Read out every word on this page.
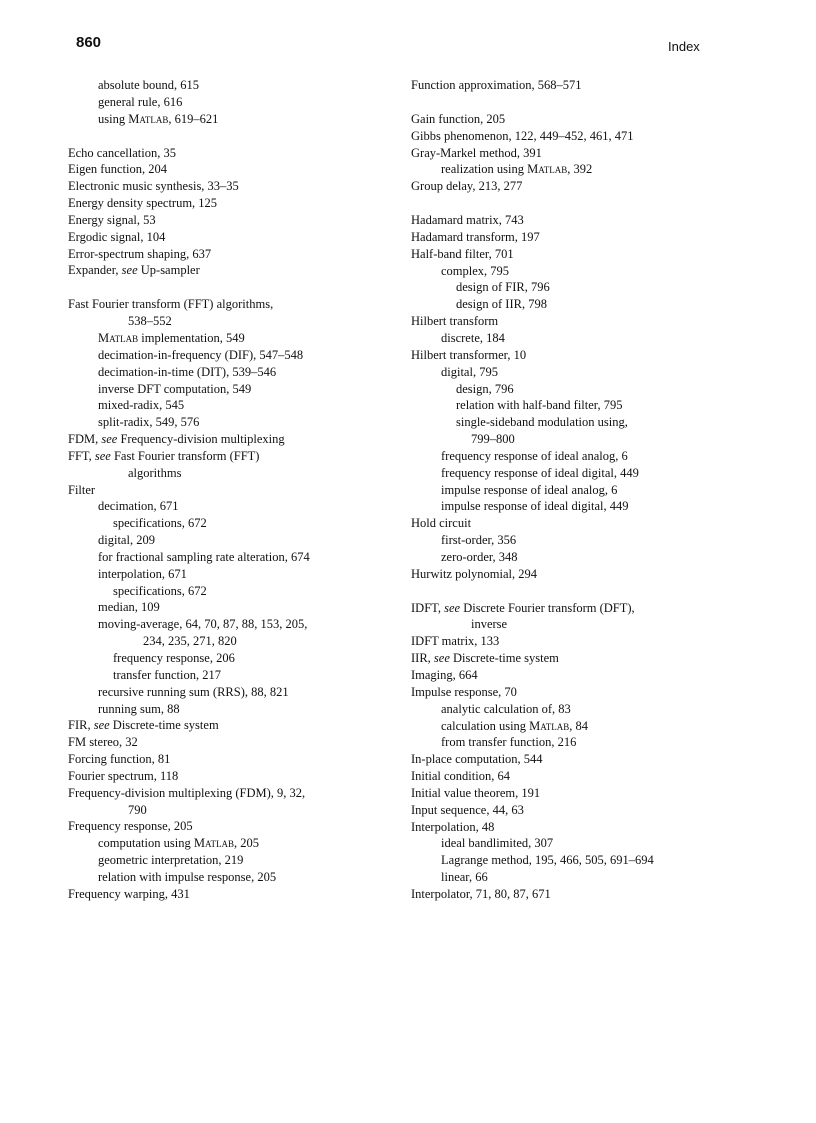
860	Index
absolute bound, 615
general rule, 616
using Matlab, 619–621
Echo cancellation, 35
Eigen function, 204
Electronic music synthesis, 33–35
Energy density spectrum, 125
Energy signal, 53
Ergodic signal, 104
Error-spectrum shaping, 637
Expander, see Up-sampler
Fast Fourier transform (FFT) algorithms,
538–552
Matlab implementation, 549
decimation-in-frequency (DIF), 547–548
decimation-in-time (DIT), 539–546
inverse DFT computation, 549
mixed-radix, 545
split-radix, 549, 576
FDM, see Frequency-division multiplexing
FFT, see Fast Fourier transform (FFT)
algorithms
Filter
decimation, 671
specifications, 672
digital, 209
for fractional sampling rate alteration, 674
interpolation, 671
specifications, 672
median, 109
moving-average, 64, 70, 87, 88, 153, 205,
234, 235, 271, 820
frequency response, 206
transfer function, 217
recursive running sum (RRS), 88, 821
running sum, 88
FIR, see Discrete-time system
FM stereo, 32
Forcing function, 81
Fourier spectrum, 118
Frequency-division multiplexing (FDM), 9, 32,
790
Frequency response, 205
computation using Matlab, 205
geometric interpretation, 219
relation with impulse response, 205
Frequency warping, 431
Function approximation, 568–571
Gain function, 205
Gibbs phenomenon, 122, 449–452, 461, 471
Gray-Markel method, 391
realization using Matlab, 392
Group delay, 213, 277
Hadamard matrix, 743
Hadamard transform, 197
Half-band filter, 701
complex, 795
design of FIR, 796
design of IIR, 798
Hilbert transform
discrete, 184
Hilbert transformer, 10
digital, 795
design, 796
relation with half-band filter, 795
single-sideband modulation using,
799–800
frequency response of ideal analog, 6
frequency response of ideal digital, 449
impulse response of ideal analog, 6
impulse response of ideal digital, 449
Hold circuit
first-order, 356
zero-order, 348
Hurwitz polynomial, 294
IDFT, see Discrete Fourier transform (DFT),
inverse
IDFT matrix, 133
IIR, see Discrete-time system
Imaging, 664
Impulse response, 70
analytic calculation of, 83
calculation using Matlab, 84
from transfer function, 216
In-place computation, 544
Initial condition, 64
Initial value theorem, 191
Input sequence, 44, 63
Interpolation, 48
ideal bandlimited, 307
Lagrange method, 195, 466, 505, 691–694
linear, 66
Interpolator, 71, 80, 87, 671
